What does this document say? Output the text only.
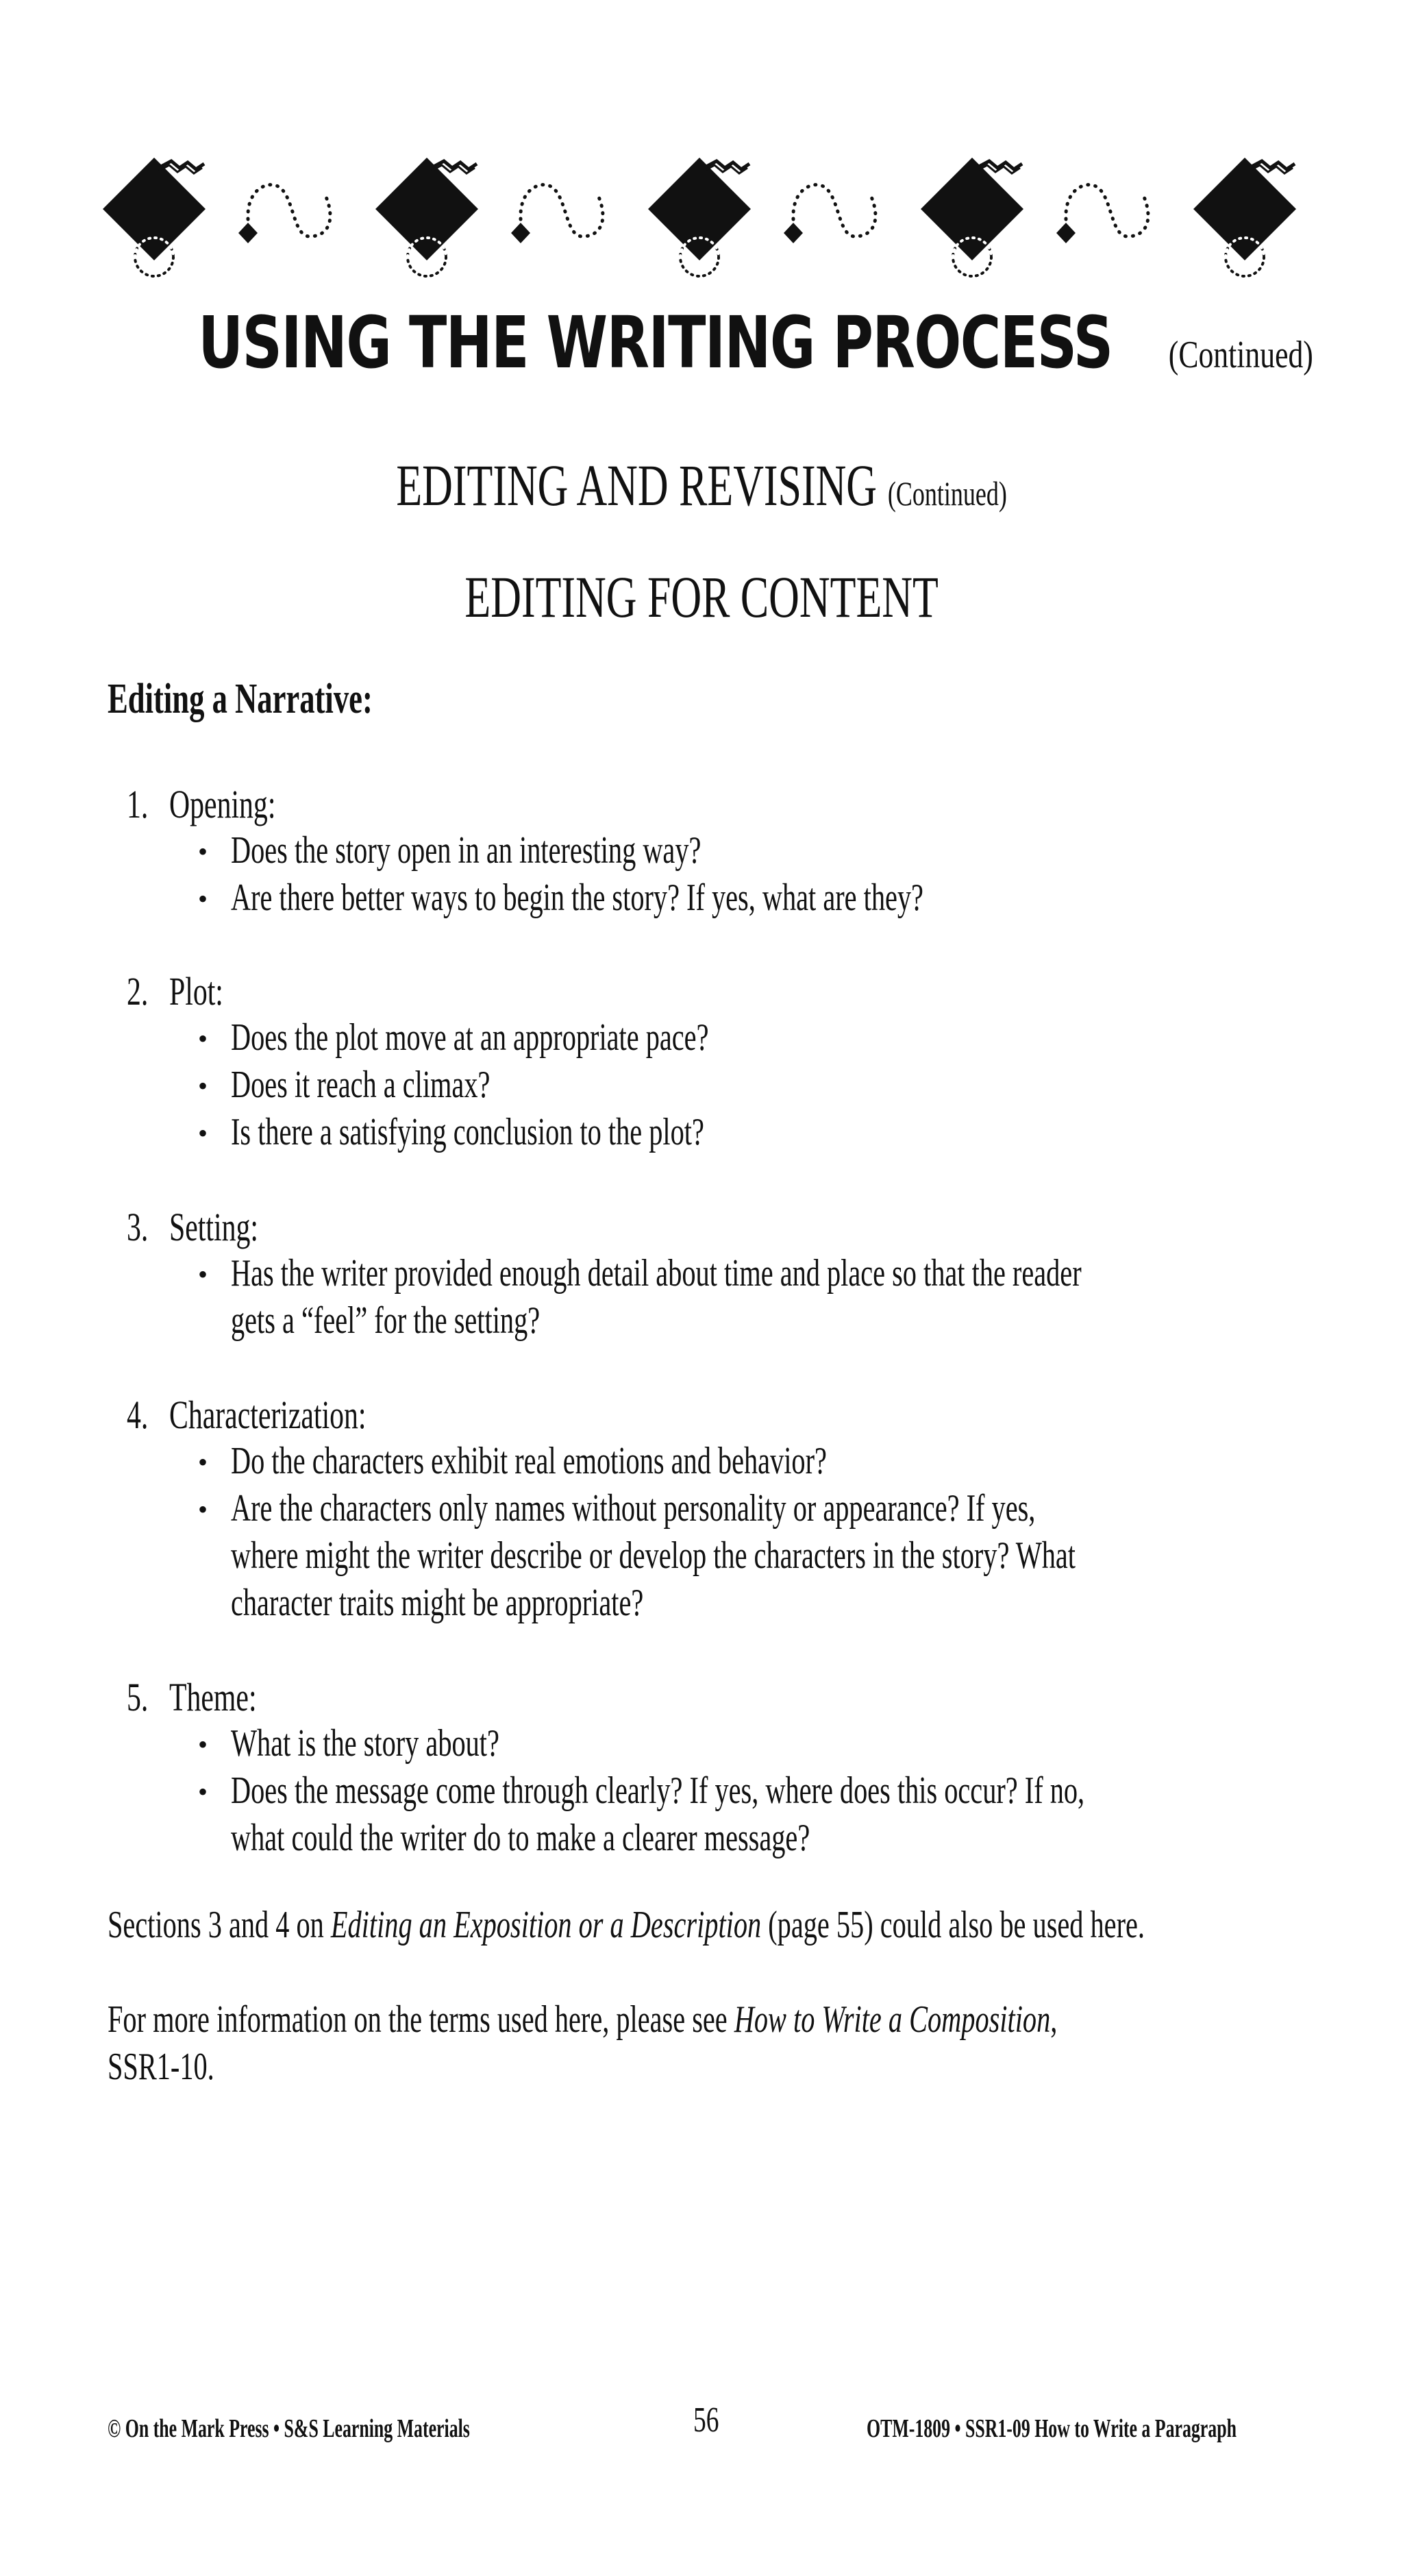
USING THE WRITING PROCESS (Continued)
EDITING AND REVISING (Continued)
EDITING FOR CONTENT
Editing a Narrative:
1. Opening:
• Does the story open in an interesting way?
• Are there better ways to begin the story? If yes, what are they?
2. Plot:
• Does the plot move at an appropriate pace?
• Does it reach a climax?
• Is there a satisfying conclusion to the plot?
3. Setting:
• Has the writer provided enough detail about time and place so that the reader
gets a “feel” for the setting?
4. Characterization:
• Do the characters exhibit real emotions and behavior?
• Are the characters only names without personality or appearance? If yes,
where might the writer describe or develop the characters in the story? What
character traits might be appropriate?
5. Theme:
• What is the story about?
• Does the message come through clearly? If yes, where does this occur? If no,
what could the writer do to make a clearer message?
Sections 3 and 4 on Editing an Exposition or a Description (page 55) could also be used here.
For more information on the terms used here, please see How to Write a Composition,
SSR1-10.
© On the Mark Press • S&S Learning Materials	56	OTM-1809 • SSR1-09 How to Write a Paragraph
